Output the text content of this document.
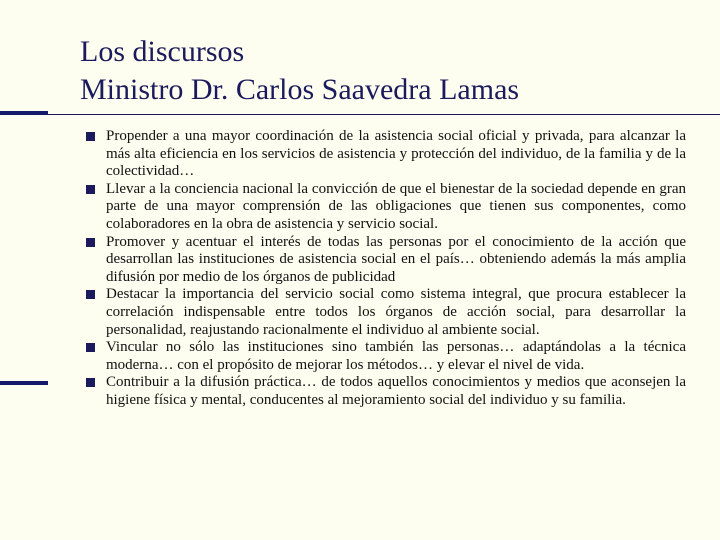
Los discursos
Ministro Dr. Carlos Saavedra Lamas
Propender a una mayor coordinación de la asistencia social oficial y privada, para alcanzar la más alta eficiencia en los servicios de asistencia y protección del individuo, de la familia y de la colectividad…
Llevar a la conciencia nacional la convicción de que el bienestar de la sociedad depende en gran parte de una mayor comprensión de las obligaciones que tienen sus componentes, como colaboradores en la obra de asistencia y servicio social.
Promover y acentuar el interés de todas las personas por el conocimiento de la acción que desarrollan las instituciones de asistencia social en el país… obteniendo además la más amplia difusión por medio de los órganos de publicidad
Destacar la importancia del servicio social como sistema integral, que procura establecer la correlación indispensable entre todos los órganos de acción social, para desarrollar la personalidad, reajustando racionalmente el individuo al ambiente social.
Vincular no sólo las instituciones sino también las personas… adaptándolas a la técnica moderna… con el propósito de mejorar los métodos… y elevar el nivel de vida.
Contribuir a la difusión práctica… de todos aquellos conocimientos y medios que aconsejen la higiene física y mental, conducentes al mejoramiento social del individuo y su familia.
